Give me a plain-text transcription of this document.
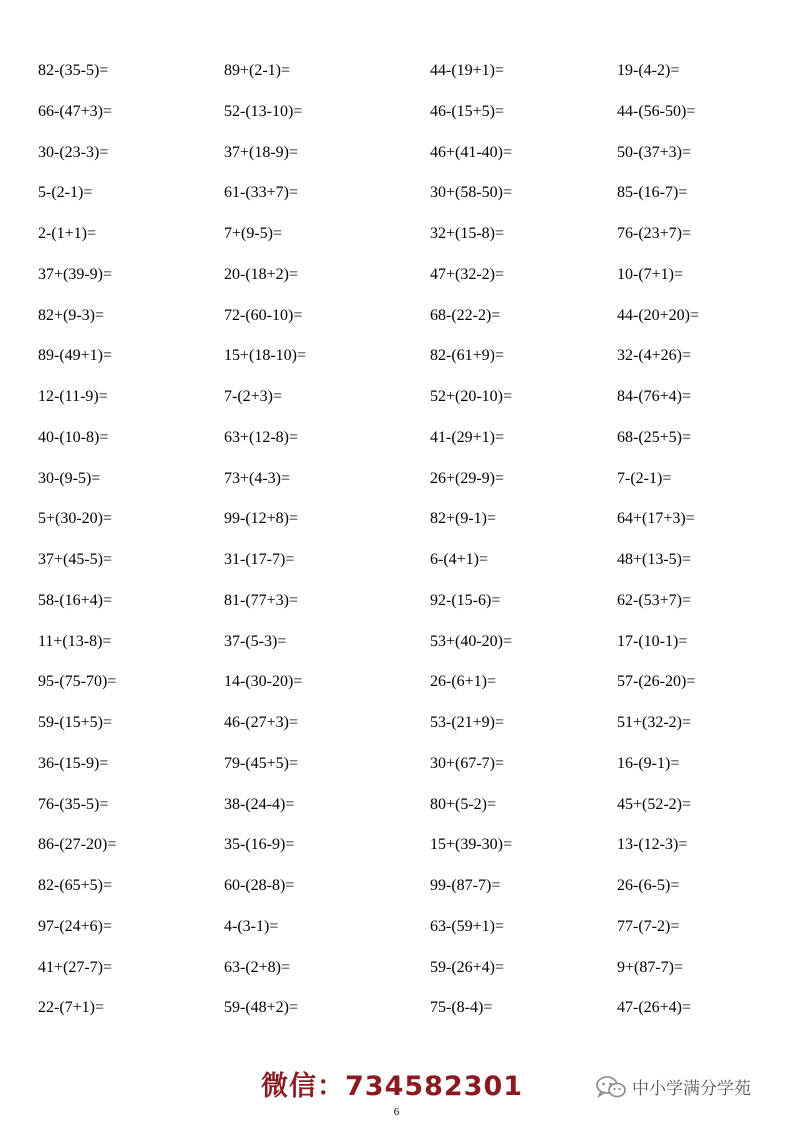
82-(35-5)=	89+(2-1)=	44-(19+1)=	19-(4-2)=
66-(47+3)=	52-(13-10)=	46-(15+5)=	44-(56-50)=
30-(23-3)=	37+(18-9)=	46+(41-40)=	50-(37+3)=
5-(2-1)=	61-(33+7)=	30+(58-50)=	85-(16-7)=
2-(1+1)=	7+(9-5)=	32+(15-8)=	76-(23+7)=
37+(39-9)=	20-(18+2)=	47+(32-2)=	10-(7+1)=
82+(9-3)=	72-(60-10)=	68-(22-2)=	44-(20+20)=
89-(49+1)=	15+(18-10)=	82-(61+9)=	32-(4+26)=
12-(11-9)=	7-(2+3)=	52+(20-10)=	84-(76+4)=
40-(10-8)=	63+(12-8)=	41-(29+1)=	68-(25+5)=
30-(9-5)=	73+(4-3)=	26+(29-9)=	7-(2-1)=
5+(30-20)=	99-(12+8)=	82+(9-1)=	64+(17+3)=
37+(45-5)=	31-(17-7)=	6-(4+1)=	48+(13-5)=
58-(16+4)=	81-(77+3)=	92-(15-6)=	62-(53+7)=
11+(13-8)=	37-(5-3)=	53+(40-20)=	17-(10-1)=
95-(75-70)=	14-(30-20)=	26-(6+1)=	57-(26-20)=
59-(15+5)=	46-(27+3)=	53-(21+9)=	51+(32-2)=
36-(15-9)=	79-(45+5)=	30+(67-7)=	16-(9-1)=
76-(35-5)=	38-(24-4)=	80+(5-2)=	45+(52-2)=
86-(27-20)=	35-(16-9)=	15+(39-30)=	13-(12-3)=
82-(65+5)=	60-(28-8)=	99-(87-7)=	26-(6-5)=
97-(24+6)=	4-(3-1)=	63-(59+1)=	77-(7-2)=
41+(27-7)=	63-(2+8)=	59-(26+4)=	9+(87-7)=
22-(7+1)=	59-(48+2)=	75-(8-4)=	47-(26+4)=
微信：734582301	中小学满分学苑
6
